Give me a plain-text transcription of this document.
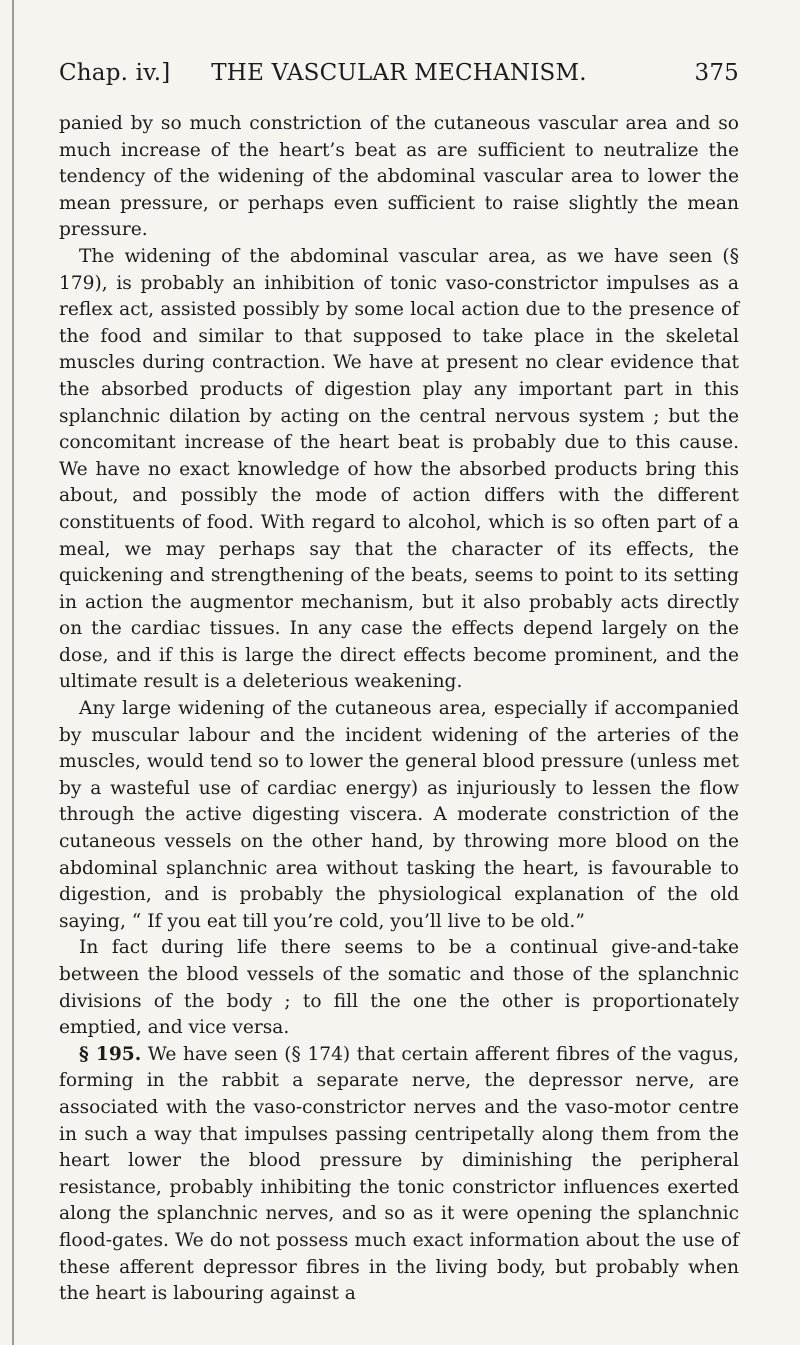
Chap. iv.]	THE VASCULAR MECHANISM.	375

panied by so much constriction of the cutaneous vascular area and so much increase of the heart’s beat as are sufficient to neutralize the tendency of the widening of the abdominal vascular area to lower the mean pressure, or perhaps even sufficient to raise slightly the mean pressure.

The widening of the abdominal vascular area, as we have seen (§ 179), is probably an inhibition of tonic vaso-constrictor impulses as a reflex act, assisted possibly by some local action due to the presence of the food and similar to that supposed to take place in the skeletal muscles during contraction. We have at present no clear evidence that the absorbed products of digestion play any important part in this splanchnic dilation by acting on the central nervous system ; but the concomitant increase of the heart beat is probably due to this cause. We have no exact knowledge of how the absorbed products bring this about, and possibly the mode of action differs with the different constituents of food. With regard to alcohol, which is so often part of a meal, we may perhaps say that the character of its effects, the quickening and strengthening of the beats, seems to point to its setting in action the augmentor mechanism, but it also probably acts directly on the cardiac tissues. In any case the effects depend largely on the dose, and if this is large the direct effects become prominent, and the ultimate result is a deleterious weakening.

Any large widening of the cutaneous area, especially if accompanied by muscular labour and the incident widening of the arteries of the muscles, would tend so to lower the general blood pressure (unless met by a wasteful use of cardiac energy) as injuriously to lessen the flow through the active digesting viscera. A moderate constriction of the cutaneous vessels on the other hand, by throwing more blood on the abdominal splanchnic area without tasking the heart, is favourable to digestion, and is probably the physiological explanation of the old saying, “ If you eat till you’re cold, you’ll live to be old.”

In fact during life there seems to be a continual give-and-take between the blood vessels of the somatic and those of the splanchnic divisions of the body ; to fill the one the other is proportionately emptied, and vice versa.

§ 195. We have seen (§ 174) that certain afferent fibres of the vagus, forming in the rabbit a separate nerve, the depressor nerve, are associated with the vaso-constrictor nerves and the vaso-motor centre in such a way that impulses passing centripetally along them from the heart lower the blood pressure by diminishing the peripheral resistance, probably inhibiting the tonic constrictor influences exerted along the splanchnic nerves, and so as it were opening the splanchnic flood-gates. We do not possess much exact information about the use of these afferent depressor fibres in the living body, but probably when the heart is labouring against a
